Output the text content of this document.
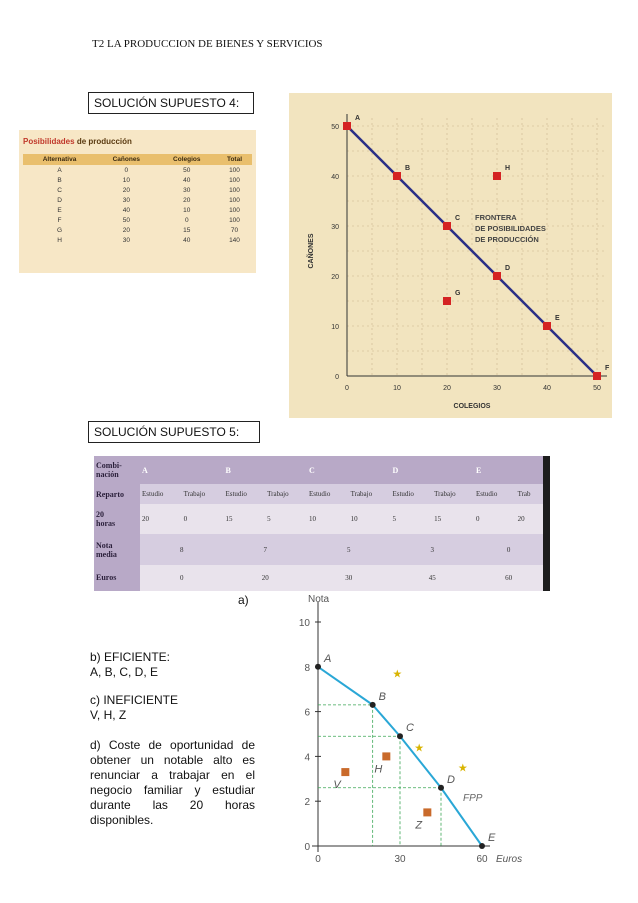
T2 LA PRODUCCION DE BIENES Y SERVICIOS
SOLUCIÓN SUPUESTO 4:
Posibilidades de producción
Alternativa	Cañones	Colegios	Total
A	0	50	100
B	10	40	100
C	20	30	100
D	30	20	100
E	40	10	100
F	50	0	100
G	20	15	70
H	30	40	140
0	10	20	30	40	50
0
10
20
30
40
50
COLEGIOS
CAÑONES
FRONTERA
DE POSIBILIDADES
DE PRODUCCIÓN
A
B
C
D
E
F
G
H
SOLUCIÓN SUPUESTO 5:
Combi-
nación	A		B		C		D		E		
Reparto	Estudio	Trabajo	Estudio	Trabajo	Estudio	Trabajo	Estudio	Trabajo	Estudio	Trab	
20
horas	20	0	15	5	10	10	5	15	0	20	
Nota
media	8		7		5		3		0		
Euros	0		20		30		45		60		
a)
b) EFICIENTE:
A, B, C, D, E
c) INEFICIENTE
V, H, Z
d) Coste de oportunidad de obtener un notable alto es renunciar a trabajar en el negocio familiar y estudiar durante las 20 horas disponibles.
0
2
4
6
8
10
0	30	60 Euros
Nota
A
B
C
D
E
V
H
Z
★
★
★
FPP
